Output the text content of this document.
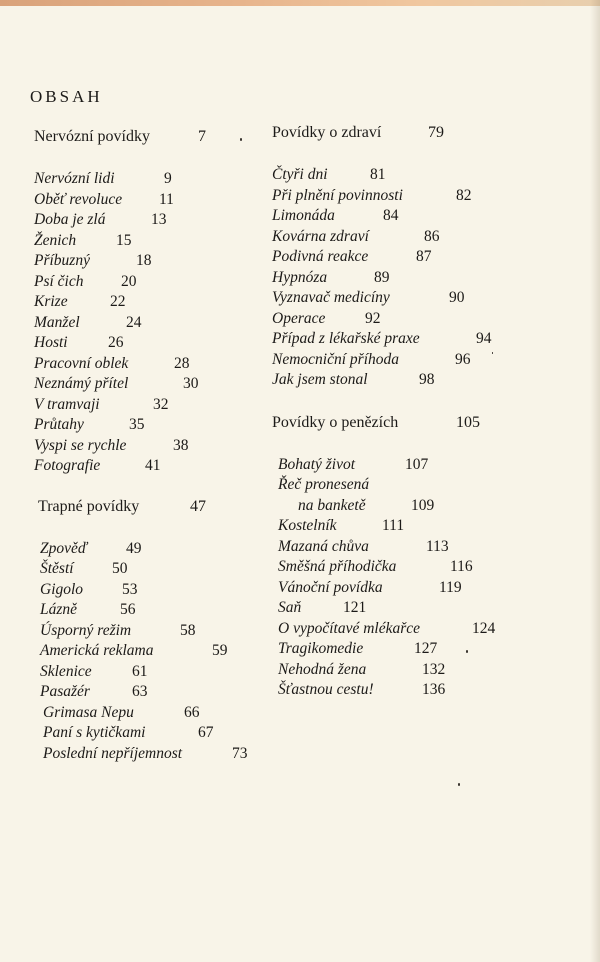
OBSAH
Nervózní povídky	7
Nervózní lidi	9
Oběť revoluce 11
Doba je zlá	13
Ženich	15
Příbuzný	18
Psí čich 20
Krize	22
Manžel	24
Hosti	26
Pracovní oblek	28
Neznámý přítel	30
V tramvaji	32
Průtahy	35
Vyspi se rychle	38
Fotografie	41
Trapné povídky	47
Zpověď 49
Štěstí 50
Gigolo	53
Lázně	56
Úsporný režim	58
Americká reklama	59
Sklenice	61
Pasažér	63
Grimasa Nepu	66
Paní s kytičkami	67
Poslední nepříjemnost	73
Povídky o zdraví	79
Čtyři dni	81
Při plnění povinnosti	82
Limonáda	84
Kovárna zdraví	86
Podivná reakce	87
Hypnóza	89
Vyznavač medicíny	90
Operace	92
Případ z lékařské praxe	94
Nemocniční příhoda	96
Jak jsem stonal	98
Povídky o penězích	105
Bohatý život	107
Řeč pronesená
na banketě	109
Kostelník	111
Mazaná chůva	113
Směšná příhodička	116
Vánoční povídka	119
Saň	121
O vypočítavé mlékařce	124
Tragikomedie	127
Nehodná žena	132
Šťastnou cestu!	136
